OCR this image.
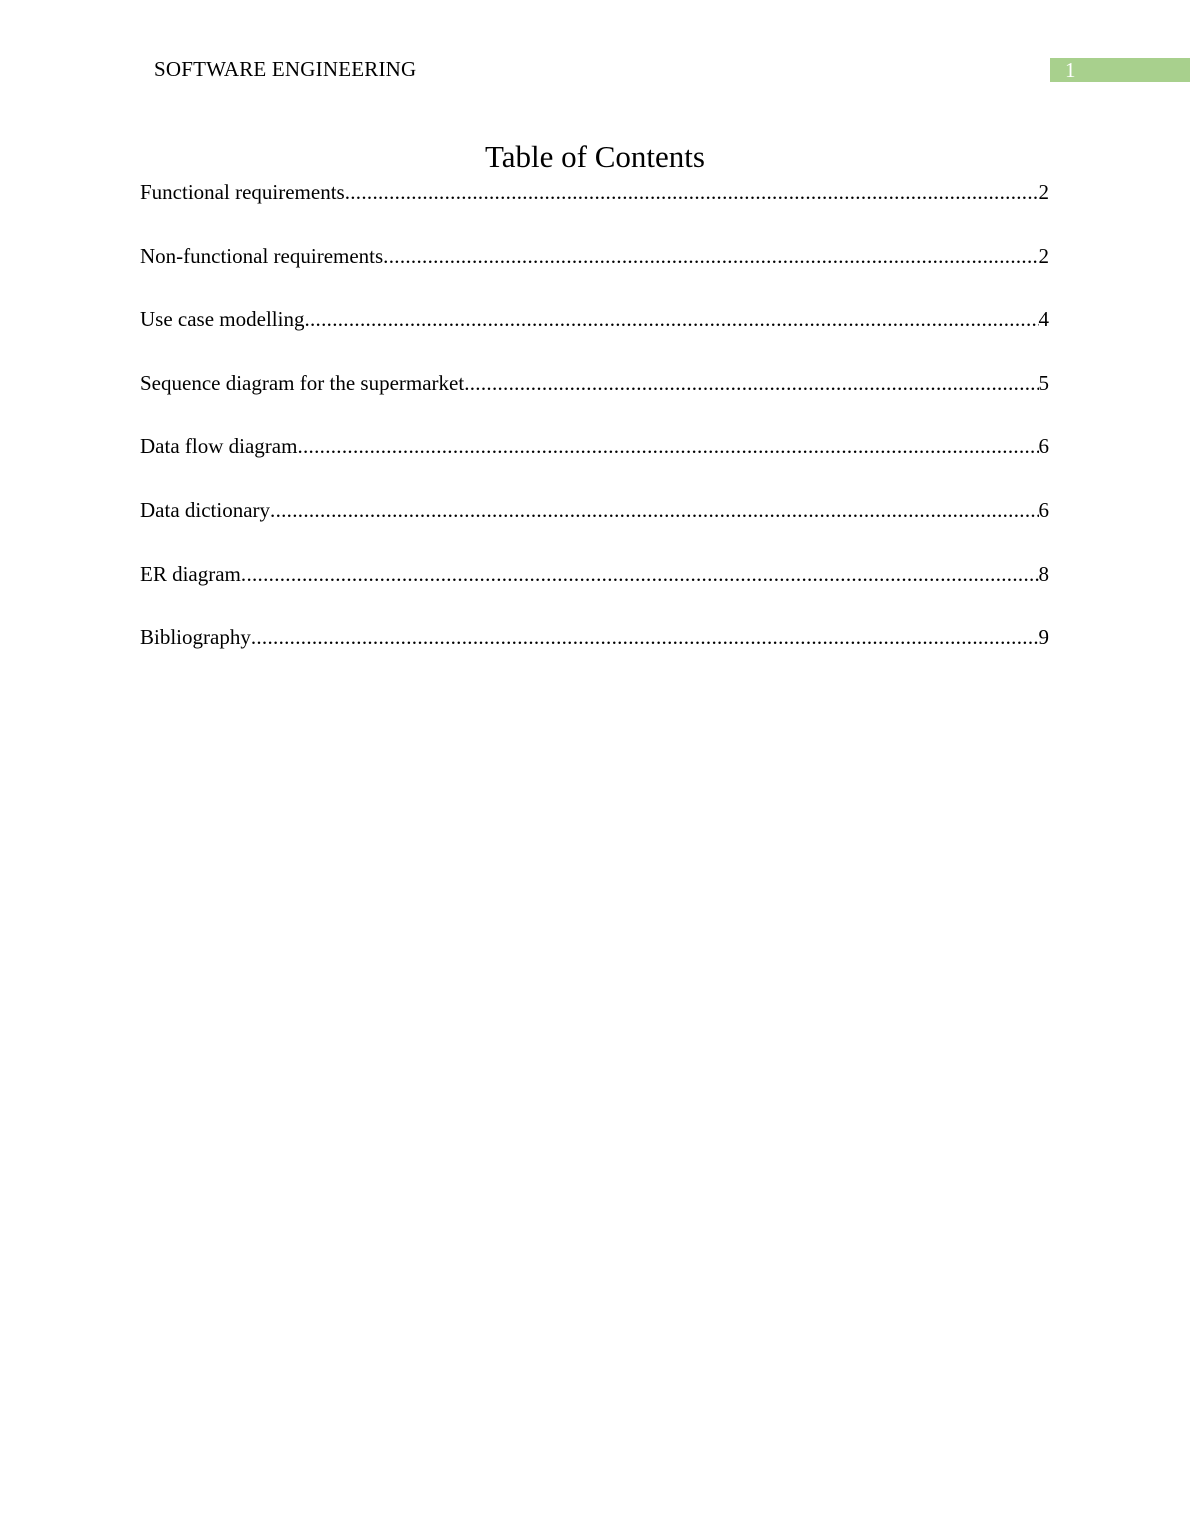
SOFTWARE ENGINEERING	1
Table of Contents
Functional requirements .....	2
Non-functional requirements .....	2
Use case modelling .....	4
Sequence diagram for the supermarket .....	5
Data flow diagram .....	6
Data dictionary .....	6
ER diagram .....	8
Bibliography .....	9
